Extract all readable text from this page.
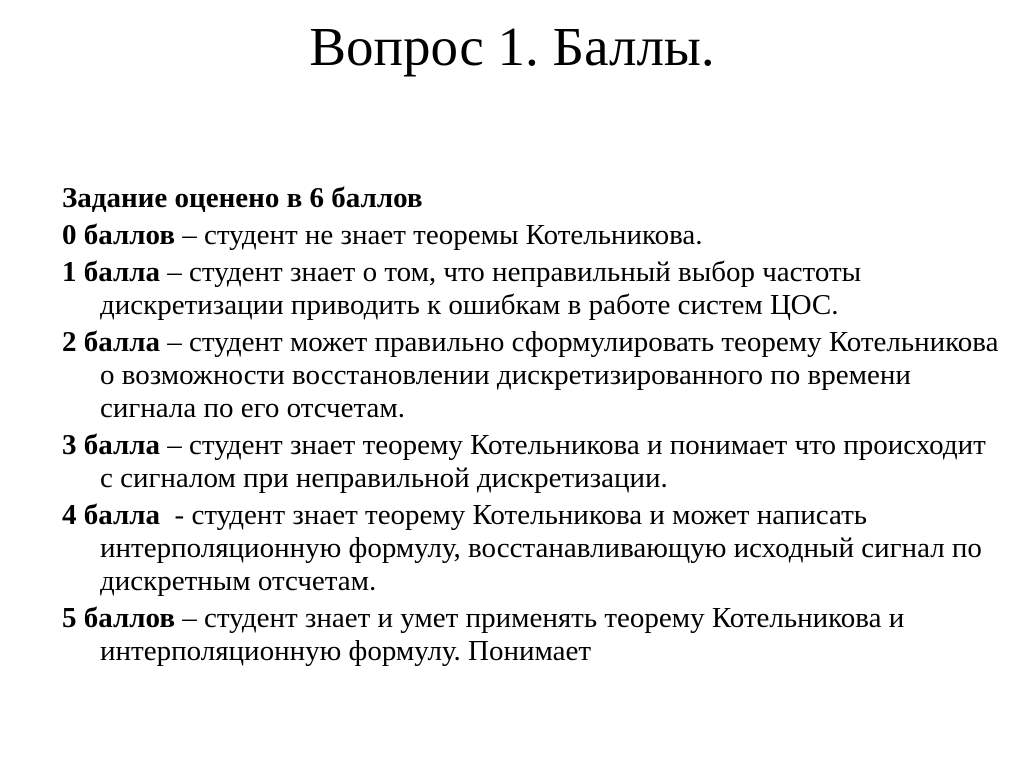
Вопрос 1. Баллы.

Задание оценено в 6 баллов

0 баллов – студент не знает теоремы Котельникова.

1 балла – студент знает о том, что неправильный выбор частоты дискретизации приводить к ошибкам в работе систем ЦОС.

2 балла – студент может правильно сформулировать теорему Котельникова о возможности восстановлении дискретизированного по времени сигнала по его отсчетам.

3 балла – студент знает теорему Котельникова и понимает что происходит с сигналом при неправильной дискретизации.

4 балла  - студент знает теорему Котельникова и может написать интерполяционную формулу, восстанавливающую исходный сигнал по дискретным отсчетам.

5 баллов – студент знает и умет применять теорему Котельникова и интерполяционную формулу. Понимает
